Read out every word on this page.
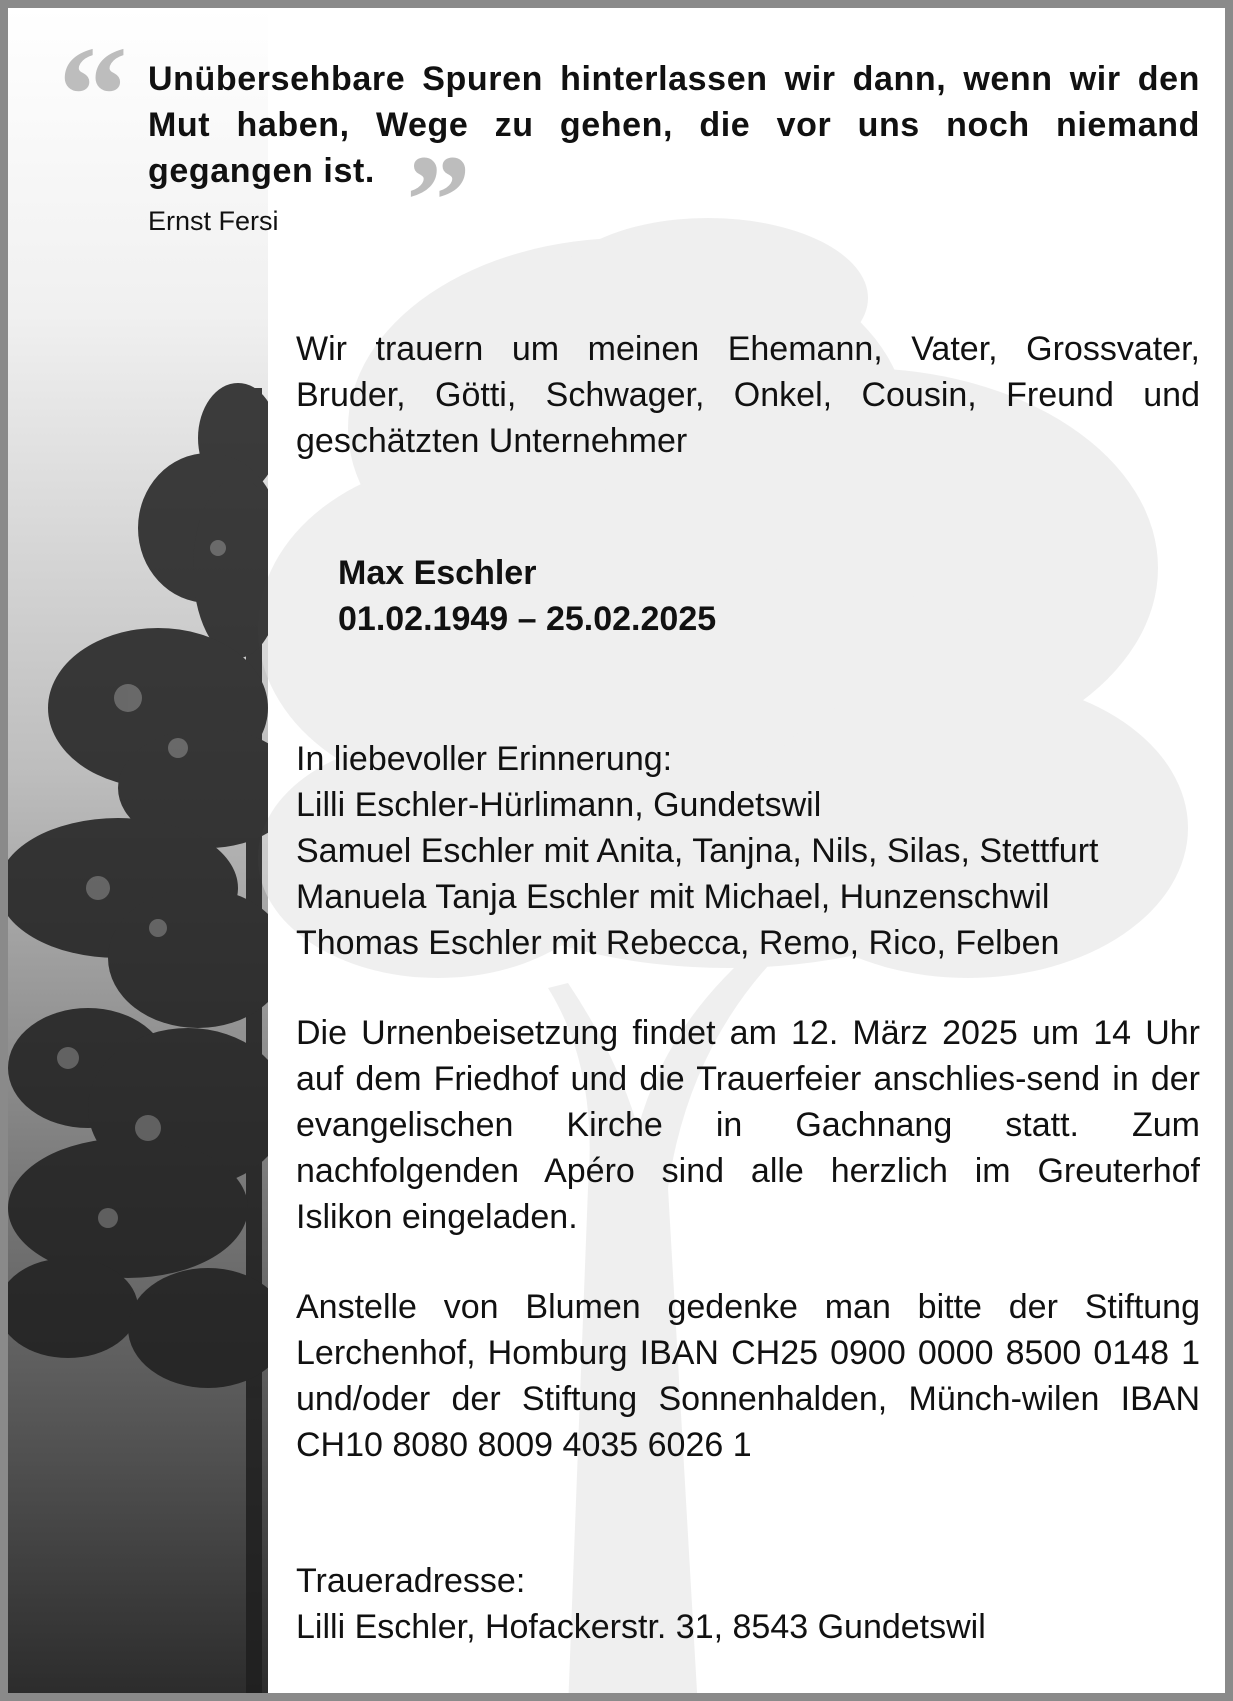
“ Unübersehbare Spuren hinterlassen wir dann, wenn wir den Mut haben, Wege zu gehen, die vor uns noch niemand gegangen ist. ”
Ernst Fersi
Wir trauern um meinen Ehemann, Vater, Grossvater, Bruder, Götti, Schwager, Onkel, Cousin, Freund und geschätzten Unternehmer
Max Eschler
01.02.1949 – 25.02.2025
In liebevoller Erinnerung:
Lilli Eschler-Hürlimann, Gundetswil
Samuel Eschler mit Anita, Tanjna, Nils, Silas, Stettfurt
Manuela Tanja Eschler mit Michael, Hunzenschwil
Thomas Eschler mit Rebecca, Remo, Rico, Felben
Die Urnenbeisetzung findet am 12. März 2025 um 14 Uhr auf dem Friedhof und die Trauerfeier anschlies-send in der evangelischen Kirche in Gachnang statt. Zum nachfolgenden Apéro sind alle herzlich im Greuterhof Islikon eingeladen.
Anstelle von Blumen gedenke man bitte der Stiftung Lerchenhof, Homburg IBAN CH25 0900 0000 8500 0148 1 und/oder der Stiftung Sonnenhalden, Münch-wilen IBAN CH10 8080 8009 4035 6026 1
Traueradresse:
Lilli Eschler, Hofackerstr. 31, 8543 Gundetswil
